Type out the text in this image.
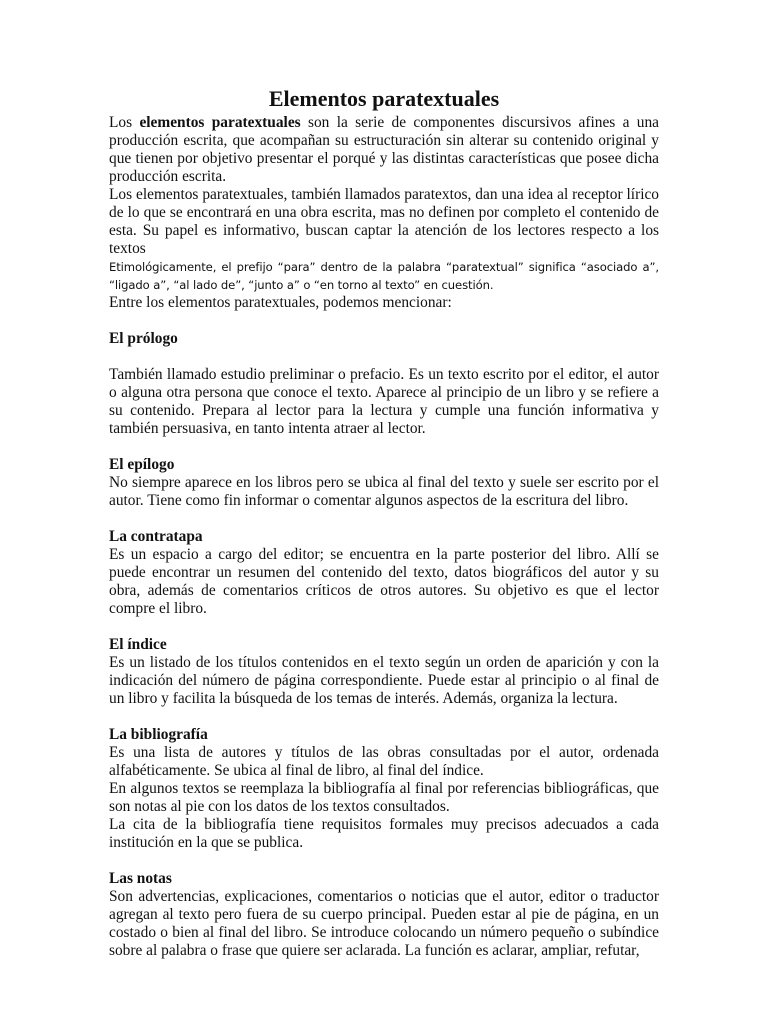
Elementos paratextuales

Los elementos paratextuales son la serie de componentes discursivos afines a una producción escrita, que acompañan su estructuración sin alterar su contenido original y que tienen por objetivo presentar el porqué y las distintas características que posee dicha producción escrita.

Los elementos paratextuales, también llamados paratextos, dan una idea al receptor lírico de lo que se encontrará en una obra escrita, mas no definen por completo el contenido de esta. Su papel es informativo, buscan captar la atención de los lectores respecto a los textos

Etimológicamente, el prefijo “para” dentro de la palabra “paratextual” significa “asociado a”, “ligado a”, “al lado de”, “junto a” o “en torno al texto” en cuestión.

Entre los elementos paratextuales, podemos mencionar:

El prólogo

También llamado estudio preliminar o prefacio. Es un texto escrito por el editor, el autor o alguna otra persona que conoce el texto. Aparece al principio de un libro y se refiere a su contenido. Prepara al lector para la lectura y cumple una función informativa y también persuasiva, en tanto intenta atraer al lector.

El epílogo

No siempre aparece en los libros pero se ubica al final del texto y suele ser escrito por el autor. Tiene como fin informar o comentar algunos aspectos de la escritura del libro.

La contratapa

Es un espacio a cargo del editor; se encuentra en la parte posterior del libro. Allí se puede encontrar un resumen del contenido del texto, datos biográficos del autor y su obra, además de comentarios críticos de otros autores. Su objetivo es que el lector compre el libro.

El índice

Es un listado de los títulos contenidos en el texto según un orden de aparición y con la indicación del número de página correspondiente. Puede estar al principio o al final de un libro y facilita la búsqueda de los temas de interés. Además, organiza la lectura.

La bibliografía

Es una lista de autores y títulos de las obras consultadas por el autor, ordenada alfabéticamente. Se ubica al final de libro, al final del índice.

En algunos textos se reemplaza la bibliografía al final por referencias bibliográficas, que son notas al pie con los datos de los textos consultados.

La cita de la bibliografía tiene requisitos formales muy precisos adecuados a cada institución en la que se publica.

Las notas

Son advertencias, explicaciones, comentarios o noticias que el autor, editor o traductor agregan al texto pero fuera de su cuerpo principal. Pueden estar al pie de página, en un costado o bien al final del libro. Se introduce colocando un número pequeño o subíndice sobre al palabra o frase que quiere ser aclarada. La función es aclarar, ampliar, refutar,
